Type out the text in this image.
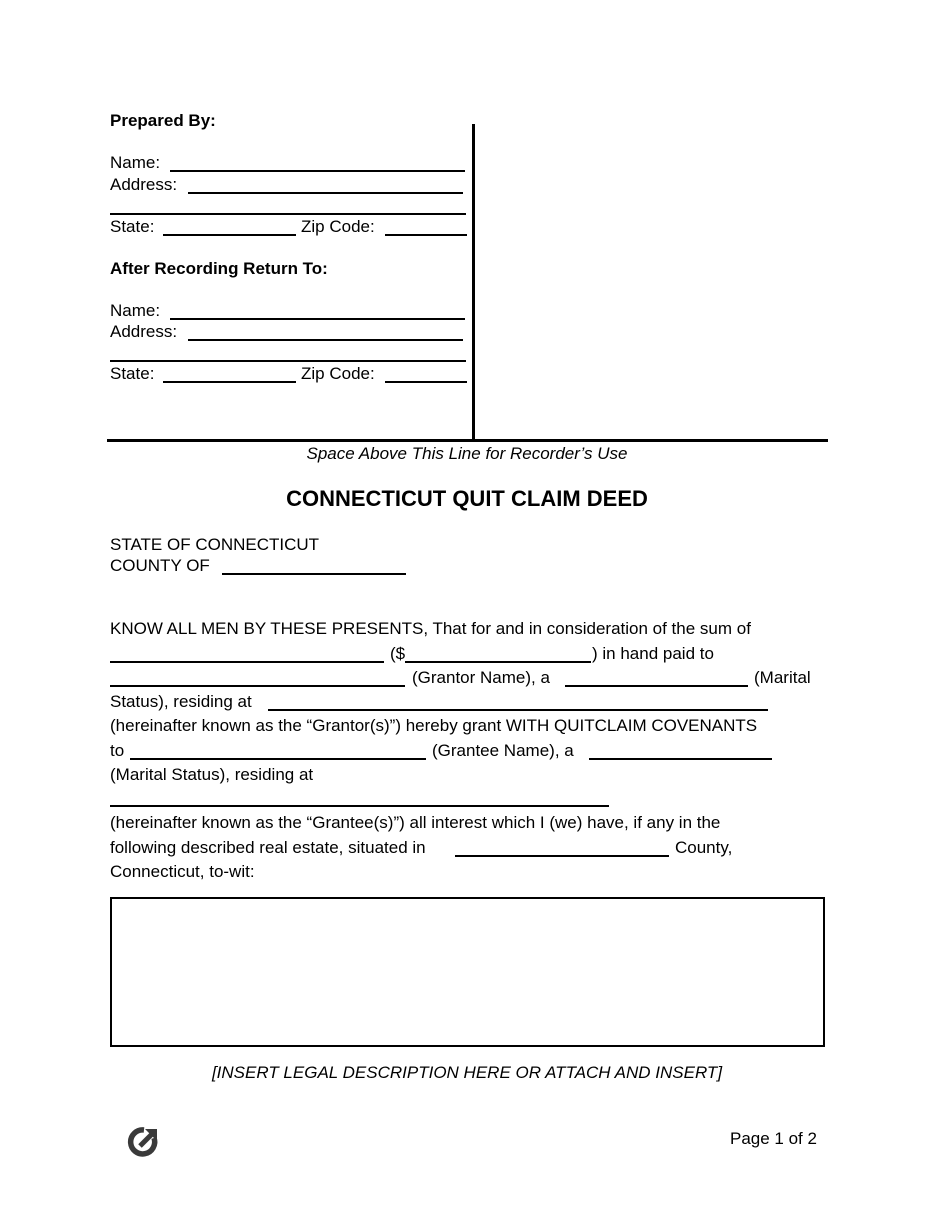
Prepared By:
Name:
Address:
State:	Zip Code:
After Recording Return To:
Name:
Address:
State:	Zip Code:
Space Above This Line for Recorder’s Use
CONNECTICUT QUIT CLAIM DEED
STATE OF CONNECTICUT
COUNTY OF
KNOW ALL MEN BY THESE PRESENTS, That for and in consideration of the sum of
($	) in hand paid to
(Grantor Name), a	(Marital
Status), residing at
(hereinafter known as the “Grantor(s)”) hereby grant WITH QUITCLAIM COVENANTS
to	(Grantee Name), a
(Marital Status), residing at
(hereinafter known as the “Grantee(s)”) all interest which I (we) have, if any in the
following described real estate, situated in	County,
Connecticut, to-wit:
[INSERT LEGAL DESCRIPTION HERE OR ATTACH AND INSERT]
Page 1 of 2
